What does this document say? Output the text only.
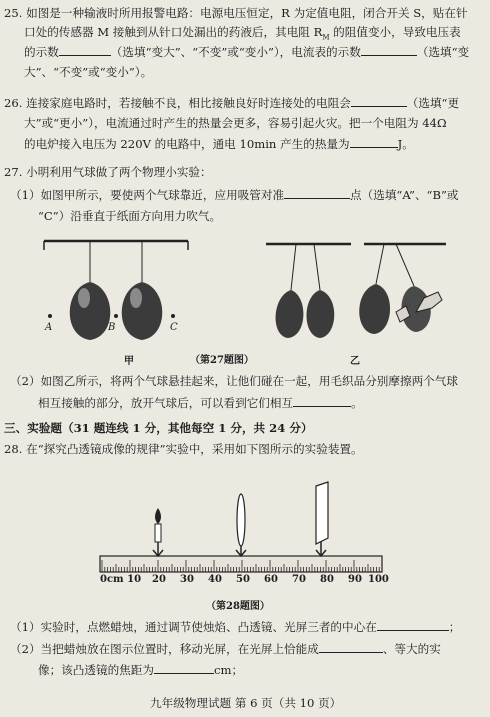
25. 如图是一种输液时所用报警电路：电源电压恒定，R 为定值电阻，闭合开关 S，贴在针
口处的传感器 M 接触到从针口处漏出的药液后，其电阻 $R_M$ 的阻值变小，导致电压表
的示数	（选填“变大”、“不变”或“变小”），电流表的示数	（选填“变
大”、“不变”或“变小”）。
26. 连接家庭电路时，若接触不良，相比接触良好时连接处的电阻会	（选填“更
大”或“更小”），电流通过时产生的热量会更多，容易引起火灾。把一个电阻为 44Ω
的电炉接入电压为 220V 的电路中，通电 10min 产生的热量为	J。
27. 小明利用气球做了两个物理小实验：
（1）如图甲所示，要使两个气球靠近，应用吸管对准	点（选填“A”、“B”或
“C”）沿垂直于纸面方向用力吹气。
A	B	C
甲	（第27题图）	乙
（2）如图乙所示，将两个气球悬挂起来，让他们碰在一起，用毛织品分别摩擦两个气球
相互接触的部分，放开气球后，可以看到它们相互	。
三、实验题（31 题连线 1 分，其他每空 1 分，共 24 分）
28. 在“探究凸透镜成像的规律”实验中，采用如下图所示的实验装置。
0cm 10 20 30 40 50 60 70 80 90 100
（第28题图）
（1）实验时，点燃蜡烛，通过调节使烛焰、凸透镜、光屏三者的中心在	；
（2）当把蜡烛放在图示位置时，移动光屏，在光屏上恰能成	、等大的实
像；该凸透镜的焦距为	cm；
九年级物理试题 第 6 页（共 10 页）
